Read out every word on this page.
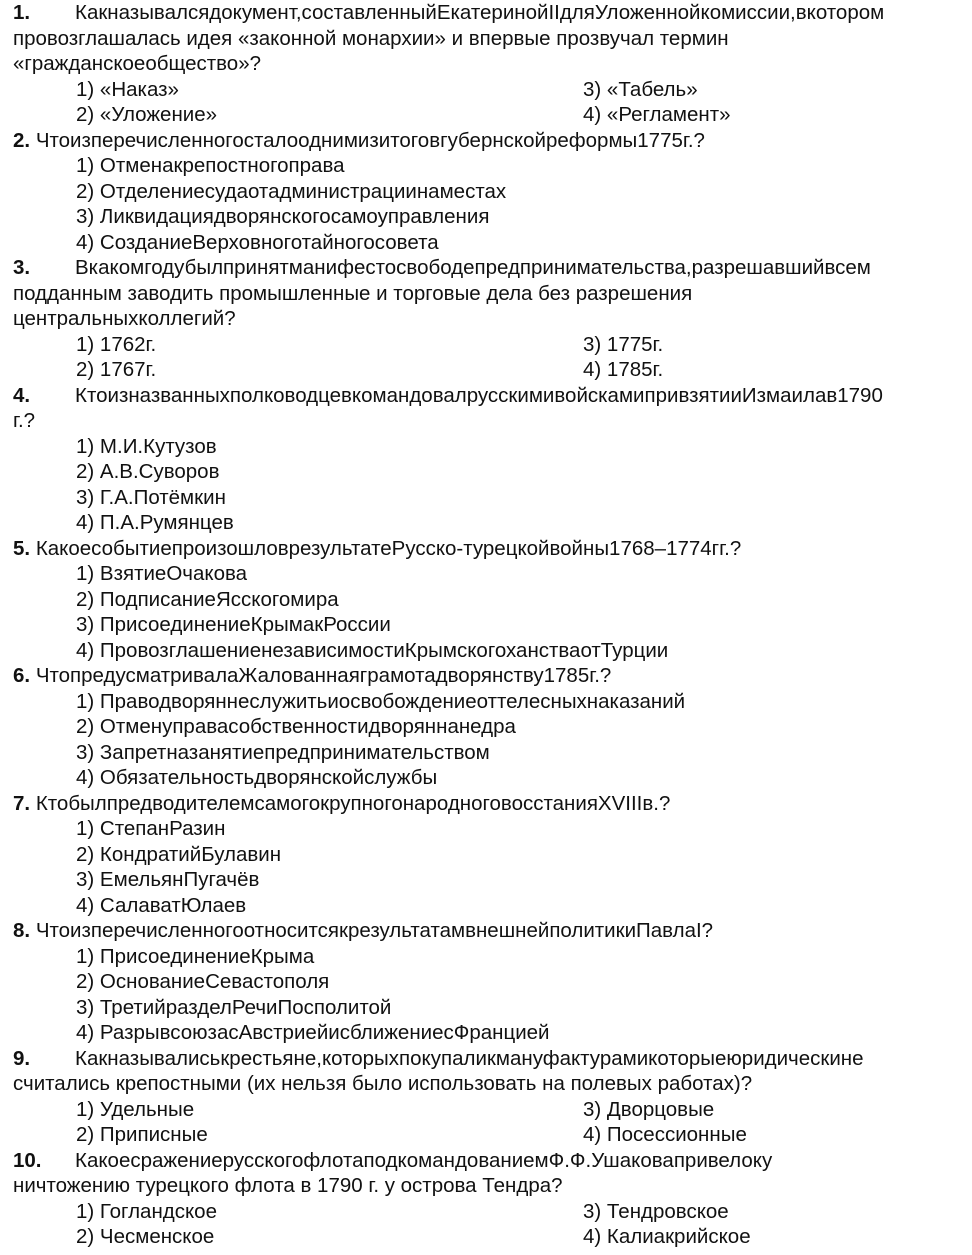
1. Какназывалсядокумент,составленныйЕкатеринойIIдляУложеннойкомиссии,вкотором
провозглашалась идея «законной монархии» и впервые прозвучал термин
«гражданскоеобщество»?
1) «Наказ»	3) «Табель»
2) «Уложение»	4) «Регламент»
2. Чтоизперечисленногосталооднимизитоговгубернскойреформы1775г.?
1) Отменакрепостногоправа
2) Отделениесудаотадминистрациинаместах
3) Ликвидациядворянскогосамоуправления
4) СозданиеВерховноготайногосовета
3. Вкакомгодубылпринятманифестосвободепредпринимательства,разрешавшийвсем
подданным заводить промышленные и торговые дела без разрешения
центральныхколлегий?
1) 1762г.	3) 1775г.
2) 1767г.	4) 1785г.
4. КтоизназванныхполководцевкомандовалрусскимивойскамипривзятииИзмаилав1790
г.?
1) М.И.Кутузов
2) А.В.Суворов
3) Г.А.Потёмкин
4) П.А.Румянцев
5. КакоесобытиепроизошловрезультатеРусско-турецкойвойны1768–1774гг.?
1) ВзятиеОчакова
2) ПодписаниеЯсскогомира
3) ПрисоединениеКрымакРоссии
4) ПровозглашениенезависимостиКрымскогоханстваотТурции
6. ЧтопредусматривалаЖалованнаяграмотадворянству1785г.?
1) Праводворяннеслужитьиосвобождениеоттелесныхнаказаний
2) Отменуправасобственностидворяннанедра
3) Запретназанятиепредпринимательством
4) Обязательностьдворянскойслужбы
7. КтобылпредводителемсамогокрупногонародноговосстанияXVIIIв.?
1) СтепанРазин
2) КондратийБулавин
3) ЕмельянПугачёв
4) СалаватЮлаев
8. ЧтоизперечисленногоотноситсякрезультатамвнешнейполитикиПавлаI?
1) ПрисоединениеКрыма
2) ОснованиеСевастополя
3) ТретийразделРечиПосполитой
4) РазрывсоюзасАвстриейисближениесФранцией
9. Какназывалиськрестьяне,которыхпокупаликмануфактурамикоторыеюридическине
считались крепостными (их нельзя было использовать на полевых работах)?
1) Удельные	3) Дворцовые
2) Приписные	4) Посессионные
10. КакоесражениерусскогофлотаподкомандованиемФ.Ф.Ушаковапривелоку
ничтожению турецкого флота в 1790 г. у острова Тендра?
1) Гогландское	3) Тендровское
2) Чесменское	4) Калиакрийское
